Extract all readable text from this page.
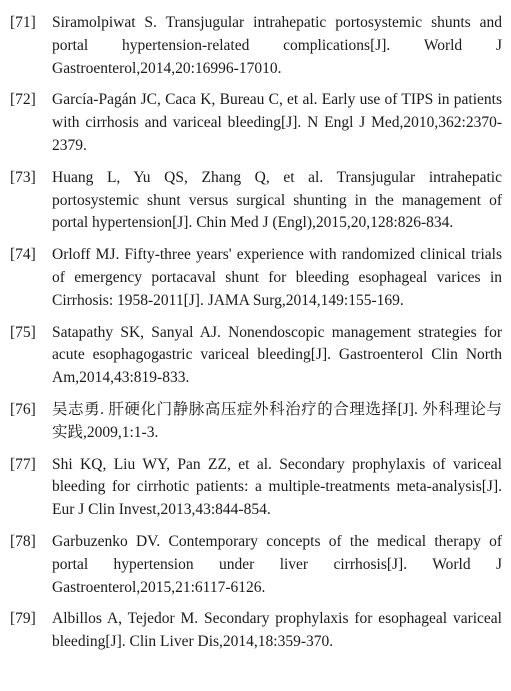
[71]	Siramolpiwat S. Transjugular intrahepatic portosystemic shunts and portal hypertension-related complications[J]. World J Gastroenterol,2014,20:16996-17010.
[72]	García-Pagán JC, Caca K, Bureau C, et al. Early use of TIPS in patients with cirrhosis and variceal bleeding[J]. N Engl J Med,2010,362:2370-2379.
[73]	Huang L, Yu QS, Zhang Q, et al. Transjugular intrahepatic portosystemic shunt versus surgical shunting in the management of portal hypertension[J]. Chin Med J (Engl),2015,20,128:826-834.
[74]	Orloff MJ. Fifty-three years' experience with randomized clinical trials of emergency portacaval shunt for bleeding esophageal varices in Cirrhosis: 1958-2011[J]. JAMA Surg,2014,149:155-169.
[75]	Satapathy SK, Sanyal AJ. Nonendoscopic management strategies for acute esophagogastric variceal bleeding[J]. Gastroenterol Clin North Am,2014,43:819-833.
[76]	吴志勇. 肝硬化门静脉高压症外科治疗的合理选择[J]. 外科理论与实践,2009,1:1-3.
[77]	Shi KQ, Liu WY, Pan ZZ, et al. Secondary prophylaxis of variceal bleeding for cirrhotic patients: a multiple-treatments meta-analysis[J]. Eur J Clin Invest,2013,43:844-854.
[78]	Garbuzenko DV. Contemporary concepts of the medical therapy of portal hypertension under liver cirrhosis[J]. World J Gastroenterol,2015,21:6117-6126.
[79]	Albillos A, Tejedor M. Secondary prophylaxis for esophageal variceal bleeding[J]. Clin Liver Dis,2014,18:359-370.
